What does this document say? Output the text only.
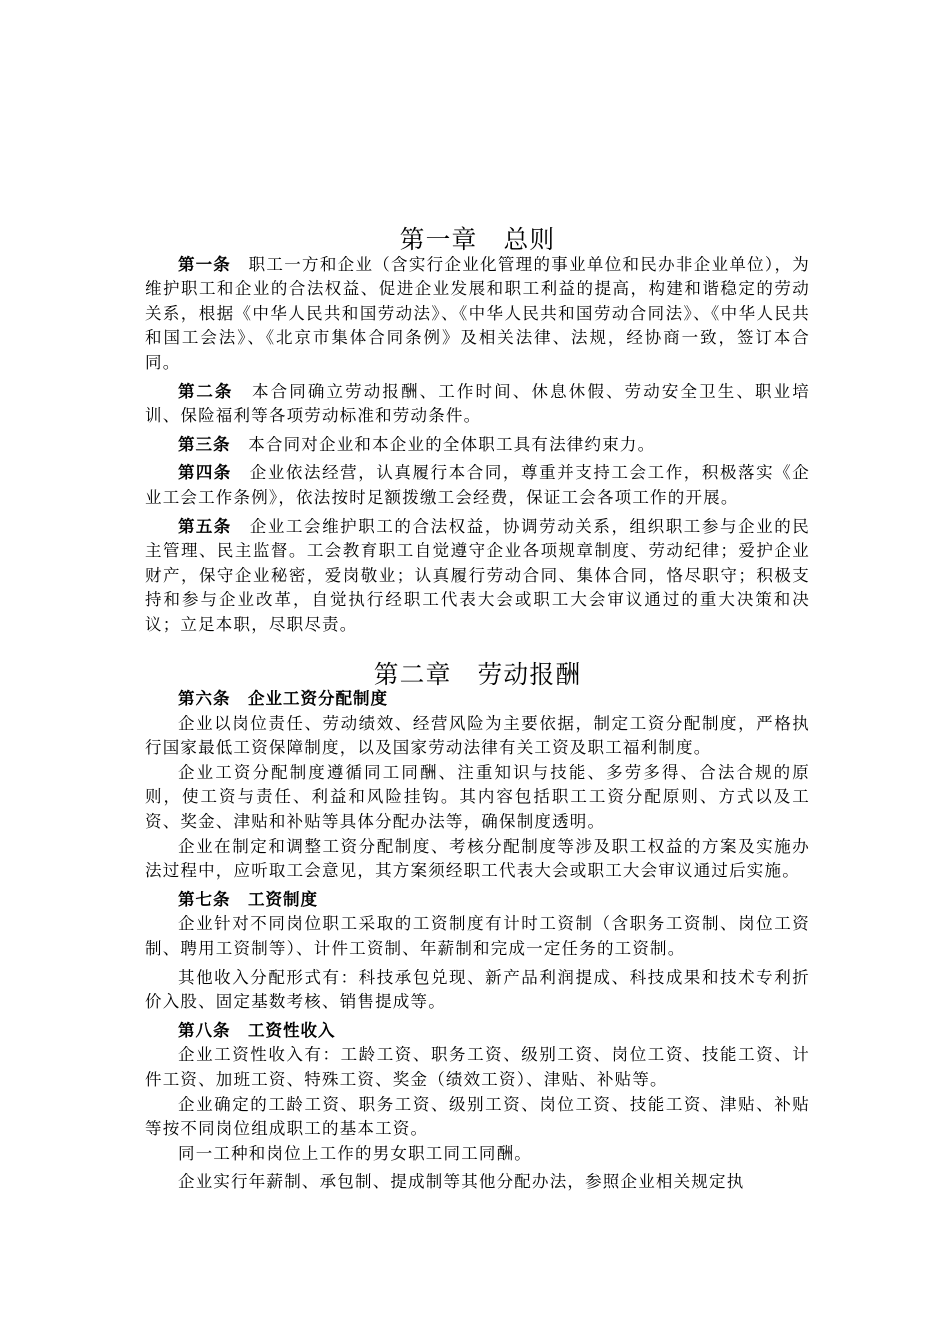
第一章　总则

第一条　职工一方和企业（含实行企业化管理的事业单位和民办非企业单位），为维护职工和企业的合法权益、促进企业发展和职工利益的提高，构建和谐稳定的劳动关系，根据《中华人民共和国劳动法》、《中华人民共和国劳动合同法》、《中华人民共和国工会法》、《北京市集体合同条例》及相关法律、法规，经协商一致，签订本合同。

第二条　本合同确立劳动报酬、工作时间、休息休假、劳动安全卫生、职业培训、保险福利等各项劳动标准和劳动条件。

第三条　本合同对企业和本企业的全体职工具有法律约束力。

第四条　企业依法经营，认真履行本合同，尊重并支持工会工作，积极落实《企业工会工作条例》，依法按时足额拨缴工会经费，保证工会各项工作的开展。

第五条　企业工会维护职工的合法权益，协调劳动关系，组织职工参与企业的民主管理、民主监督。工会教育职工自觉遵守企业各项规章制度、劳动纪律；爱护企业财产，保守企业秘密，爱岗敬业；认真履行劳动合同、集体合同，恪尽职守；积极支持和参与企业改革，自觉执行经职工代表大会或职工大会审议通过的重大决策和决议；立足本职，尽职尽责。

第二章　劳动报酬
第六条　企业工资分配制度

企业以岗位责任、劳动绩效、经营风险为主要依据，制定工资分配制度，严格执行国家最低工资保障制度，以及国家劳动法律有关工资及职工福利制度。

企业工资分配制度遵循同工同酬、注重知识与技能、多劳多得、合法合规的原则，使工资与责任、利益和风险挂钩。其内容包括职工工资分配原则、方式以及工资、奖金、津贴和补贴等具体分配办法等，确保制度透明。

企业在制定和调整工资分配制度、考核分配制度等涉及职工权益的方案及实施办法过程中，应听取工会意见，其方案须经职工代表大会或职工大会审议通过后实施。

第七条　工资制度

企业针对不同岗位职工采取的工资制度有计时工资制（含职务工资制、岗位工资制、聘用工资制等）、计件工资制、年薪制和完成一定任务的工资制。

其他收入分配形式有：科技承包兑现、新产品利润提成、科技成果和技术专利折价入股、固定基数考核、销售提成等。

第八条　工资性收入

企业工资性收入有：工龄工资、职务工资、级别工资、岗位工资、技能工资、计件工资、加班工资、特殊工资、奖金（绩效工资）、津贴、补贴等。

企业确定的工龄工资、职务工资、级别工资、岗位工资、技能工资、津贴、补贴等按不同岗位组成职工的基本工资。

同一工种和岗位上工作的男女职工同工同酬。

企业实行年薪制、承包制、提成制等其他分配办法，参照企业相关规定执
